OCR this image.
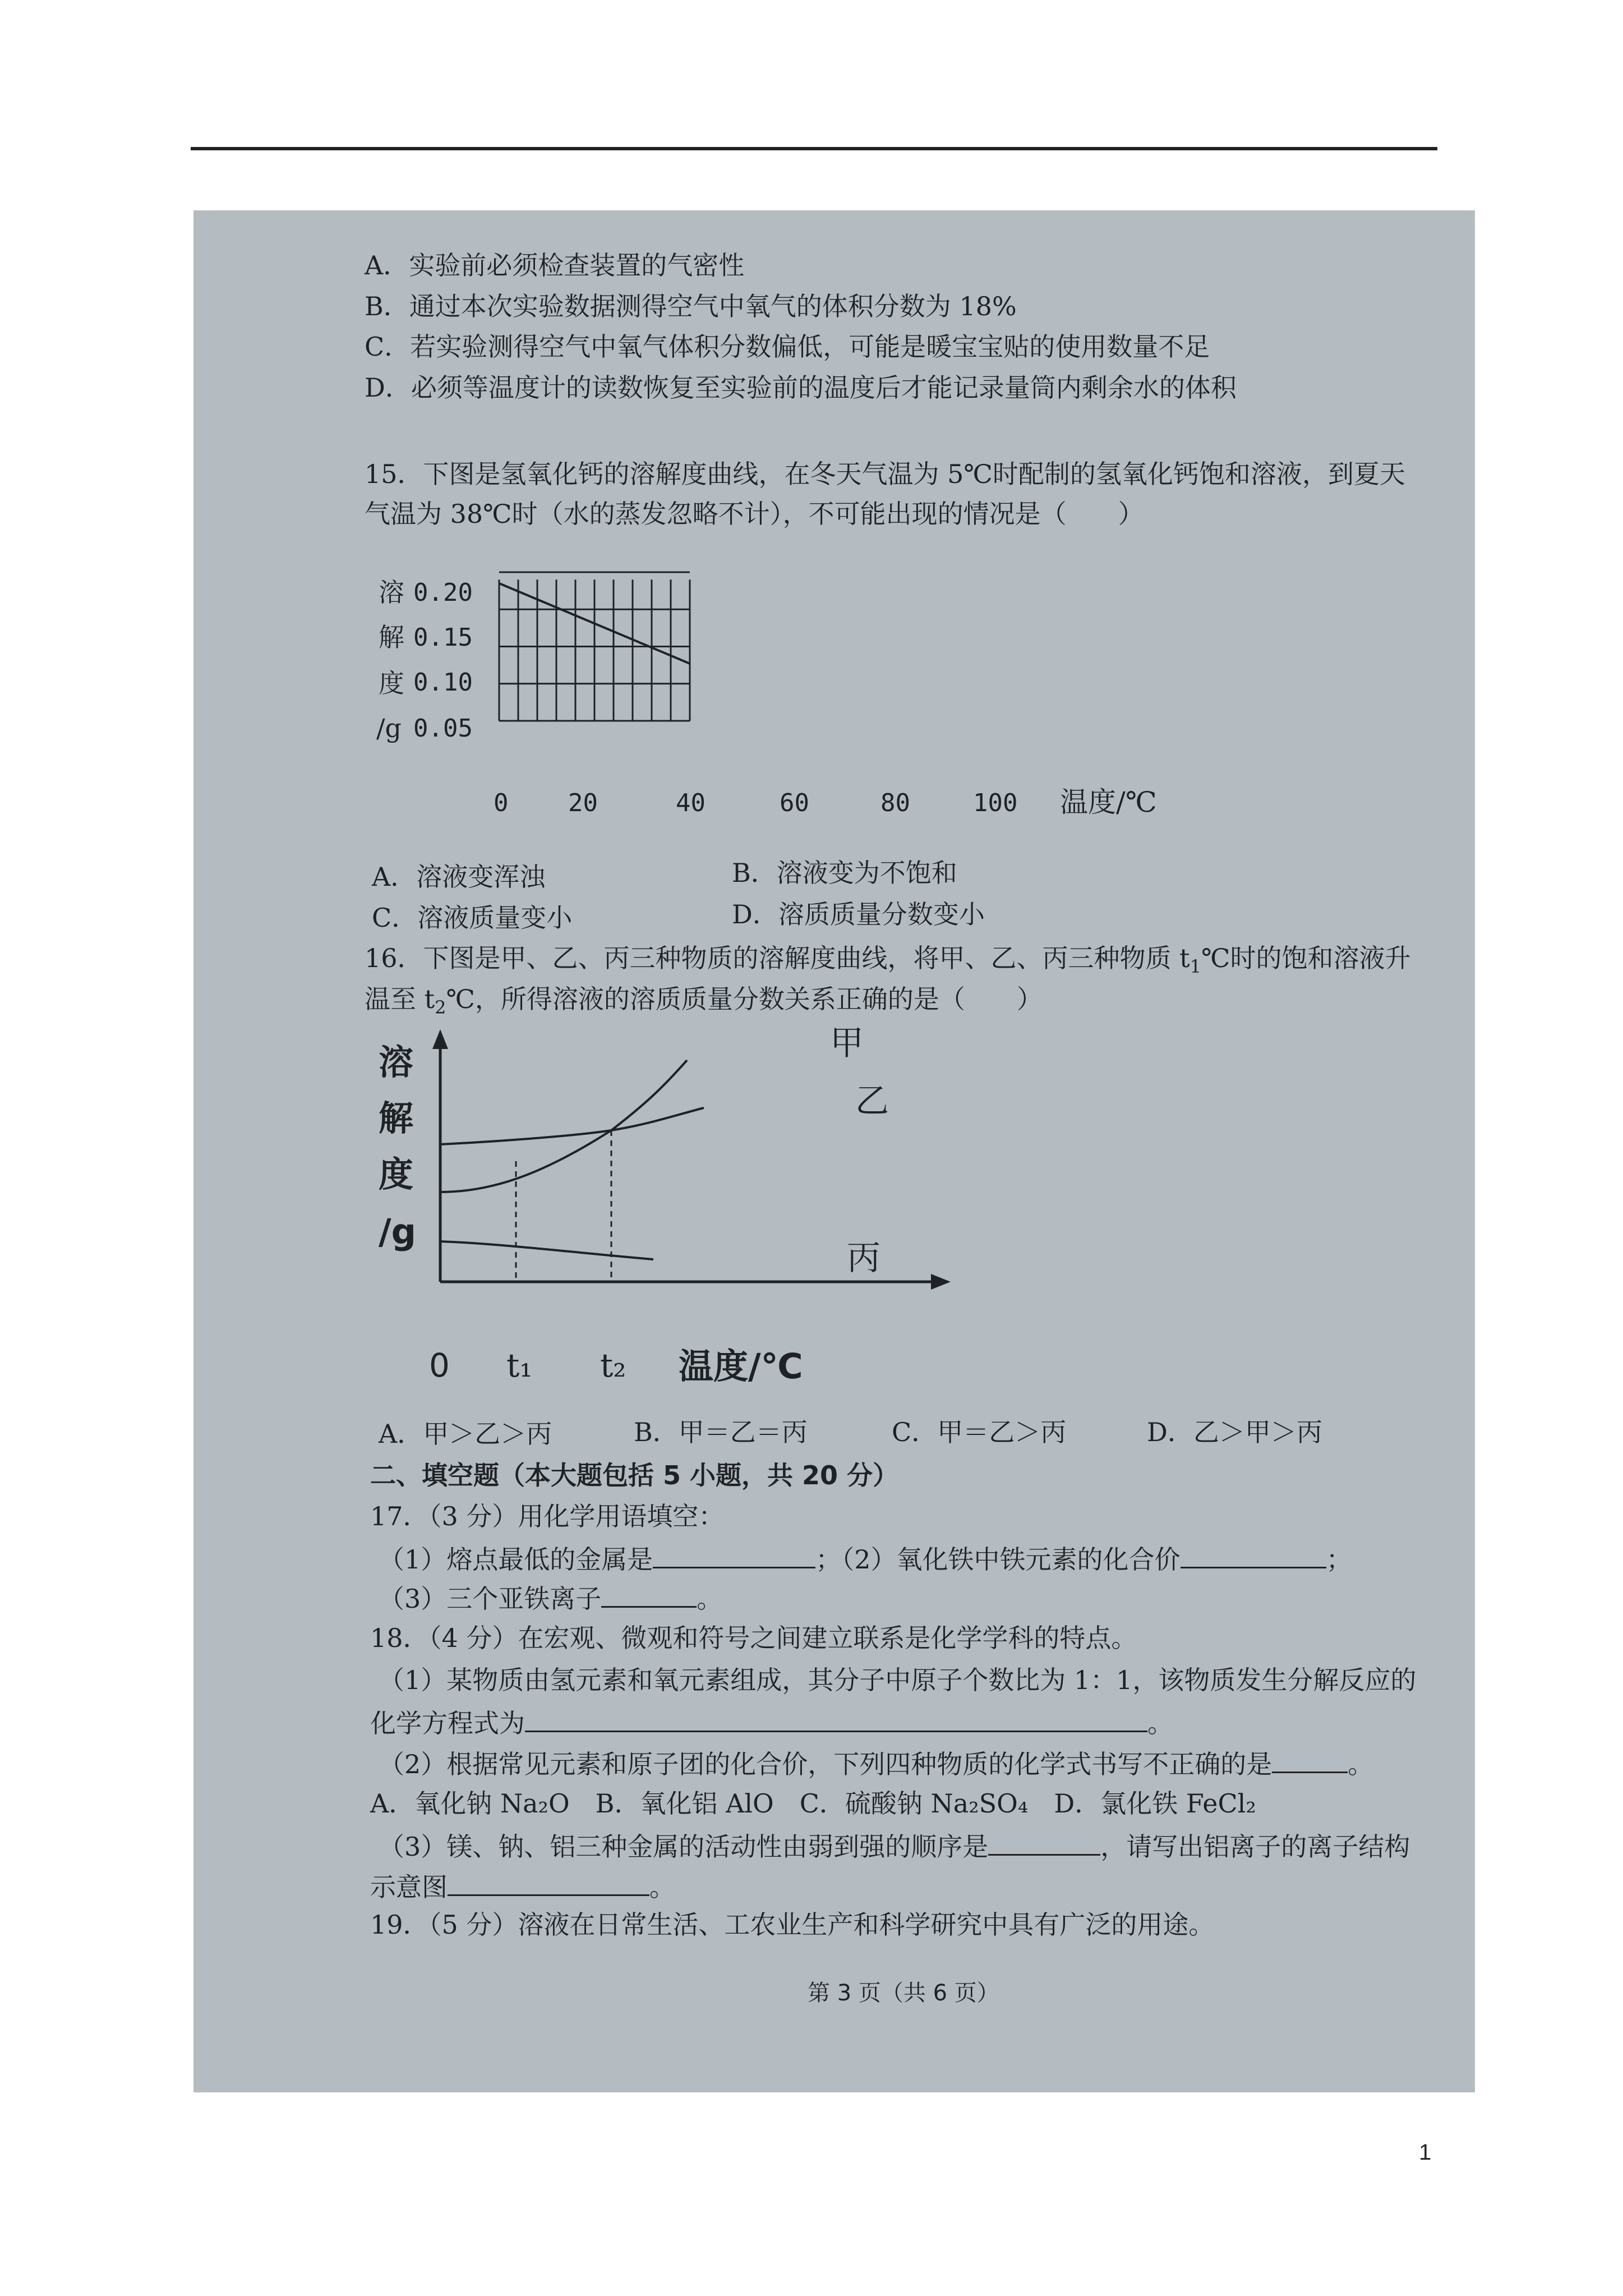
A．实验前必须检查装置的气密性
B．通过本次实验数据测得空气中氧气的体积分数为 18%
C．若实验测得空气中氧气体积分数偏低，可能是暖宝宝贴的使用数量不足
D．必须等温度计的读数恢复至实验前的温度后才能记录量筒内剩余水的体积
15．下图是氢氧化钙的溶解度曲线，在冬天气温为 5℃时配制的氢氧化钙饱和溶液，到夏天
气温为 38℃时（水的蒸发忽略不计），不可能出现的情况是（　　）
溶
解
度
/g
0.20
0.15
0.10
0.05
0 20	40	60	80	100 温度/℃
A．溶液变浑浊	B．溶液变为不饱和
C．溶液质量变小	D．溶质质量分数变小
16．下图是甲、乙、丙三种物质的溶解度曲线，将甲、乙、丙三种物质 $t_1℃$时的饱和溶液升
温至 $t_2℃$，所得溶液的溶质质量分数关系正确的是（　　）
溶
解
度
/g
甲
乙
丙
0 t₁ t₂ 温度/℃
A．甲＞乙＞丙	B．甲＝乙＝丙	C．甲＝乙＞丙	D．乙＞甲＞丙
二、填空题（本大题包括 5 小题，共 20 分）
17．（3 分）用化学用语填空：
（1）熔点最低的金属是	；（2）氧化铁中铁元素的化合价	；
（3）三个亚铁离子	。
18．（4 分）在宏观、微观和符号之间建立联系是化学学科的特点。
（1）某物质由氢元素和氧元素组成，其分子中原子个数比为 1：1，该物质发生分解反应的
化学方程式为	。
（2）根据常见元素和原子团的化合价，下列四种物质的化学式书写不正确的是	。
A．氧化钠 Na₂O　B．氧化铝 AlO　C．硫酸钠 Na₂SO₄　D．氯化铁 FeCl₂
（3）镁、钠、铝三种金属的活动性由弱到强的顺序是	，请写出铝离子的离子结构
示意图	。
19．（5 分）溶液在日常生活、工农业生产和科学研究中具有广泛的用途。
第 3 页（共 6 页）
1
